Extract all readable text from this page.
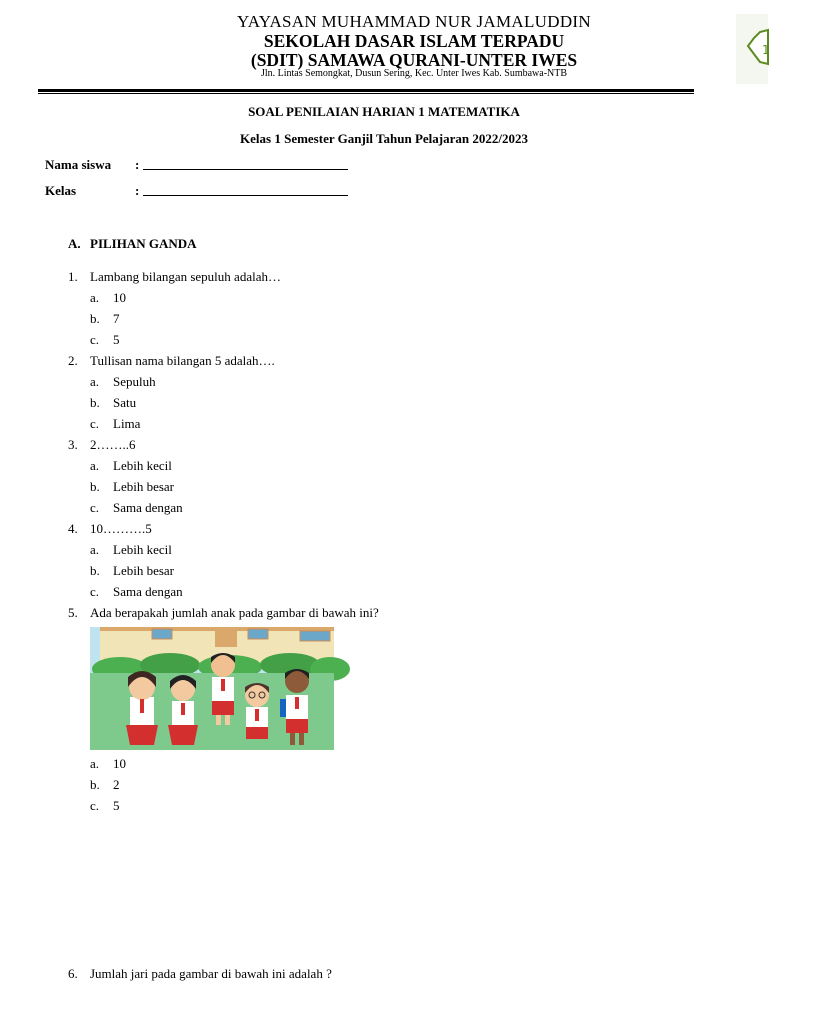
YAYASAN MUHAMMAD NUR JAMALUDDIN
SEKOLAH DASAR ISLAM TERPADU
(SDIT) SAMAWA QURANI-UNTER IWES
Jln. Lintas Semongkat, Dusun Sering, Kec. Unter Iwes Kab. Sumbawa-NTB
1
SOAL PENILAIAN HARIAN 1 MATEMATIKA
Kelas 1 Semester Ganjil Tahun Pelajaran 2022/2023
Nama siswa :
Kelas	:
A. PILIHAN GANDA
1. Lambang bilangan sepuluh adalah…
a. 10
b. 7
c. 5
2. Tullisan nama bilangan 5 adalah….
a. Sepuluh
b. Satu
c. Lima
3. 2……..6
a. Lebih kecil
b. Lebih besar
c. Sama dengan
4. 10……….5
a. Lebih kecil
b. Lebih besar
c. Sama dengan
5. Ada berapakah jumlah anak pada gambar di bawah ini?
a. 10
b. 2
c. 5
6. Jumlah jari pada gambar di bawah ini adalah ?
